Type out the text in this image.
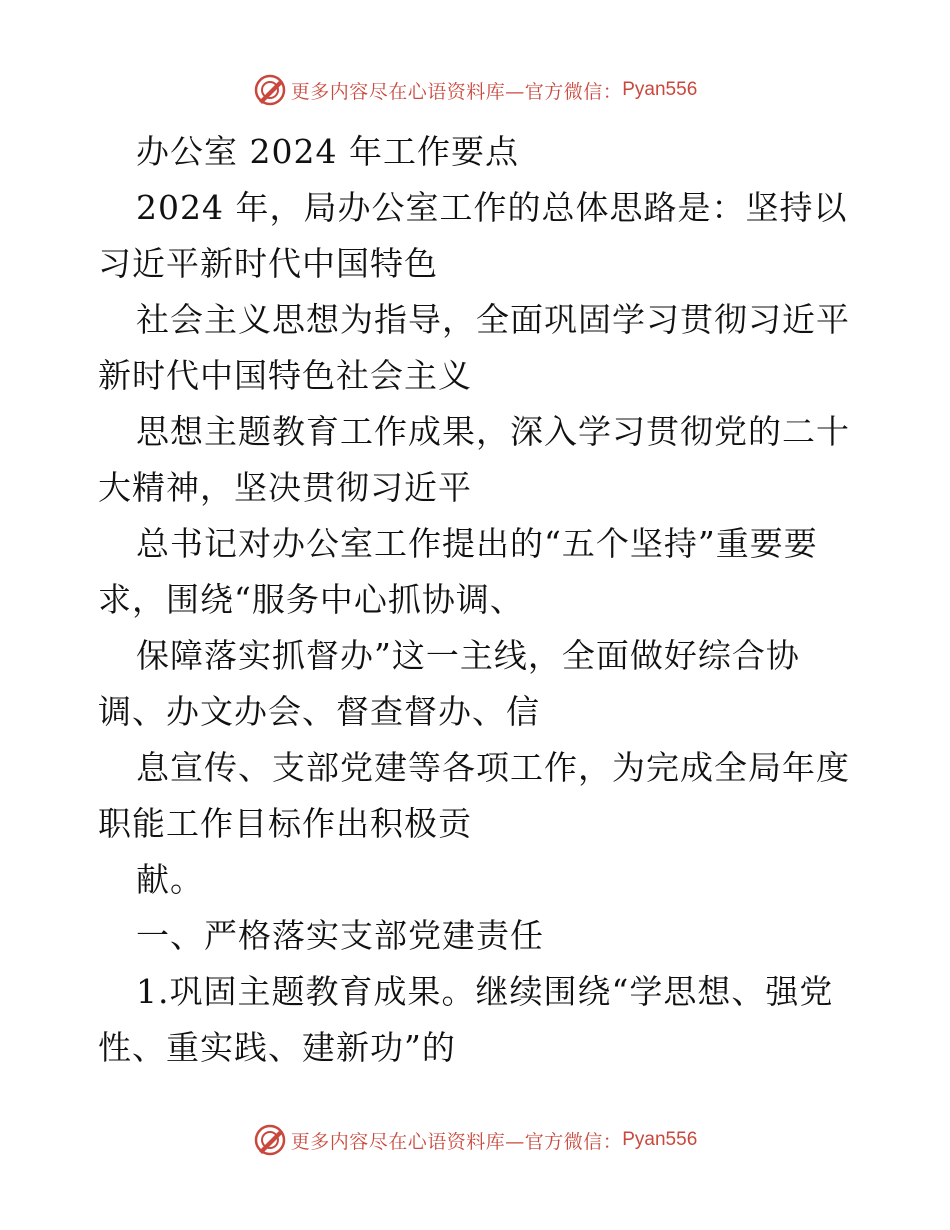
更多内容尽在心语资料库—官方微信： Pyan556
办公室 2024 年工作要点
2024 年，局办公室工作的总体思路是：坚持以
习近平新时代中国特色
社会主义思想为指导，全面巩固学习贯彻习近平
新时代中国特色社会主义
思想主题教育工作成果，深入学习贯彻党的二十
大精神，坚决贯彻习近平
总书记对办公室工作提出的“五个坚持”重要要
求，围绕“服务中心抓协调、
保障落实抓督办”这一主线，全面做好综合协
调、办文办会、督查督办、信
息宣传、支部党建等各项工作，为完成全局年度
职能工作目标作出积极贡
献。
一、严格落实支部党建责任
1.巩固主题教育成果。继续围绕“学思想、强党
性、重实践、建新功”的
更多内容尽在心语资料库—官方微信： Pyan556
